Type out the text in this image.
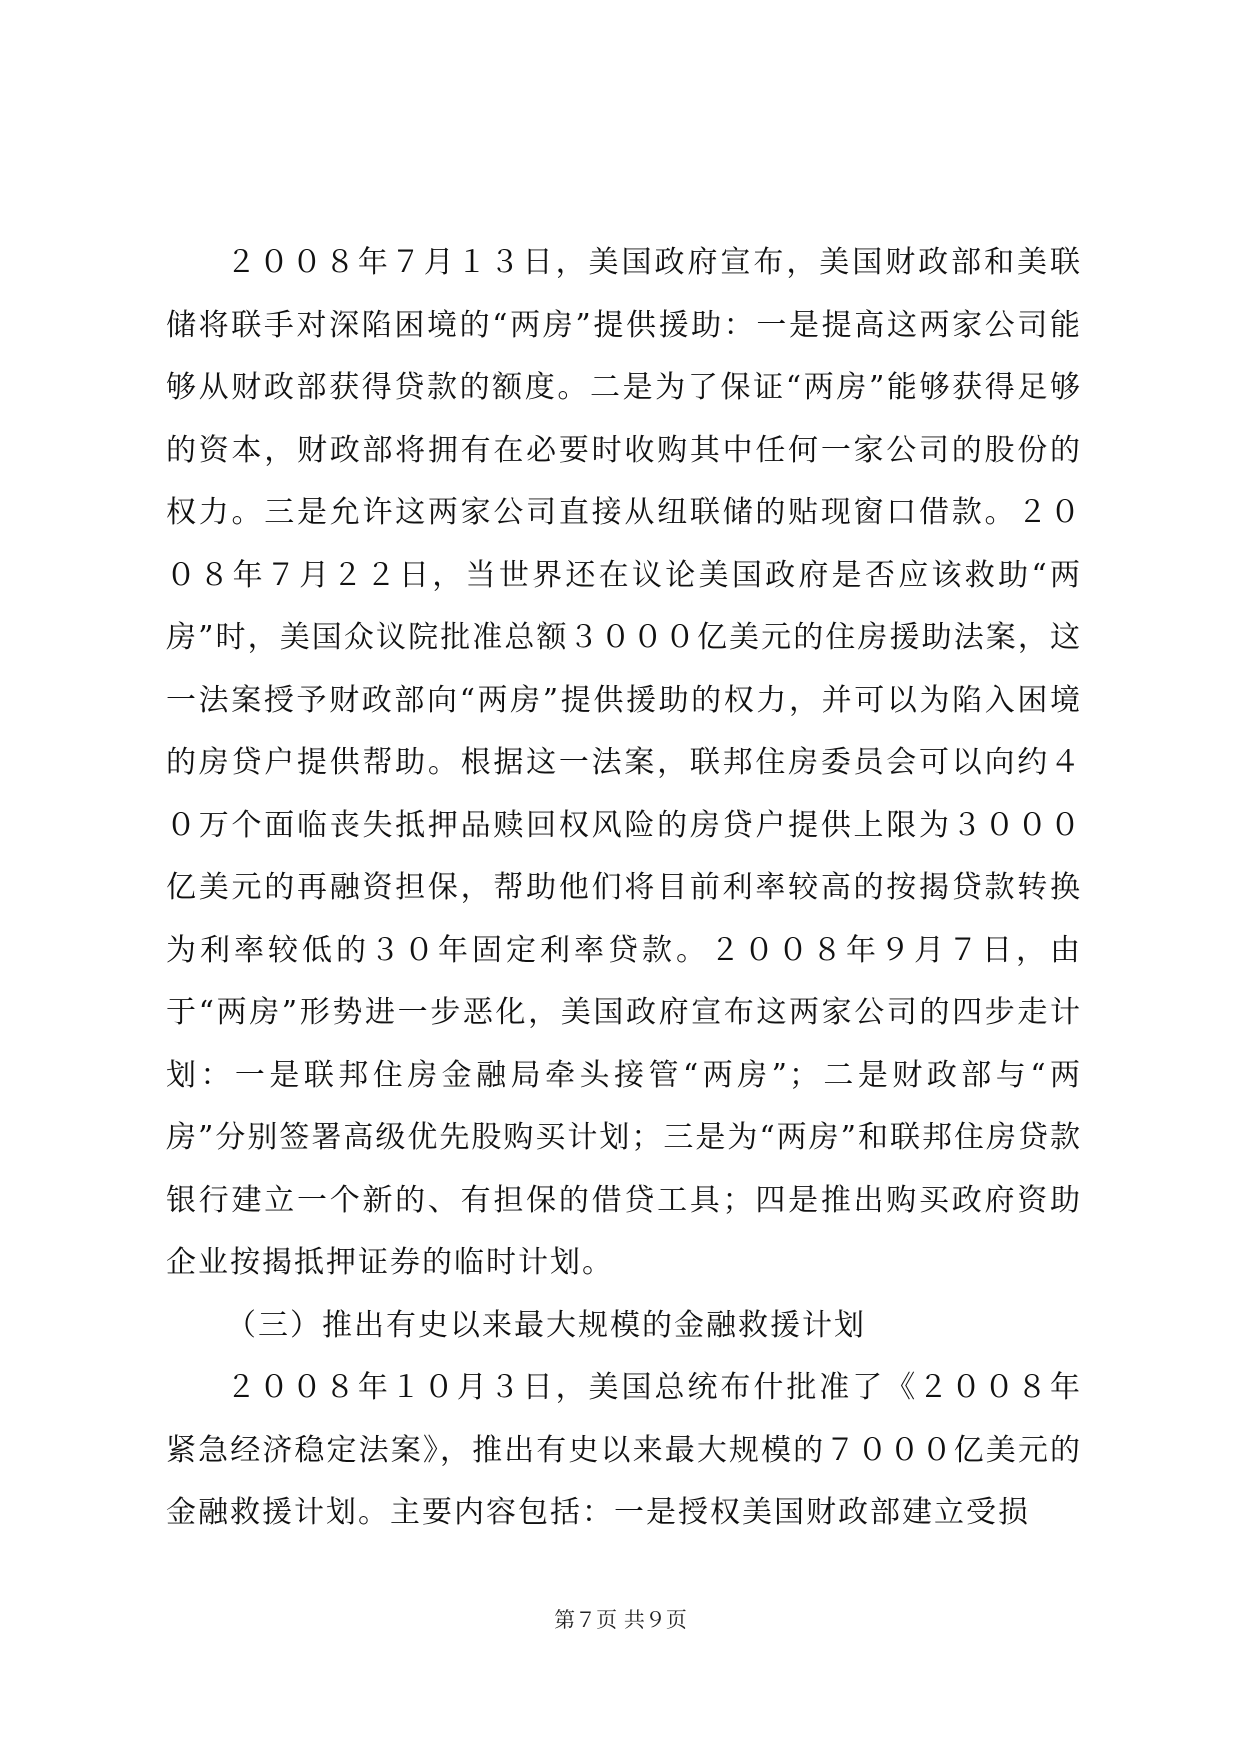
２００８年７月１３日，美国政府宣布，美国财政部和美联储将联手对深陷困境的“两房”提供援助：一是提高这两家公司能够从财政部获得贷款的额度。二是为了保证“两房”能够获得足够的资本，财政部将拥有在必要时收购其中任何一家公司的股份的权力。三是允许这两家公司直接从纽联储的贴现窗口借款。２００８年７月２２日，当世界还在议论美国政府是否应该救助“两房”时，美国众议院批准总额３０００亿美元的住房援助法案，这一法案授予财政部向“两房”提供援助的权力，并可以为陷入困境的房贷户提供帮助。根据这一法案，联邦住房委员会可以向约４０万个面临丧失抵押品赎回权风险的房贷户提供上限为３０００亿美元的再融资担保，帮助他们将目前利率较高的按揭贷款转换为利率较低的３０年固定利率贷款。２００８年９月７日，由于“两房”形势进一步恶化，美国政府宣布这两家公司的四步走计划：一是联邦住房金融局牵头接管“两房”；二是财政部与“两房”分别签署高级优先股购买计划；三是为“两房”和联邦住房贷款银行建立一个新的、有担保的借贷工具；四是推出购买政府资助企业按揭抵押证券的临时计划。

（三）推出有史以来最大规模的金融救援计划

２００８年１０月３日，美国总统布什批准了《２００８年紧急经济稳定法案》，推出有史以来最大规模的７０００亿美元的金融救援计划。主要内容包括：一是授权美国财政部建立受损

第７页 共９页
